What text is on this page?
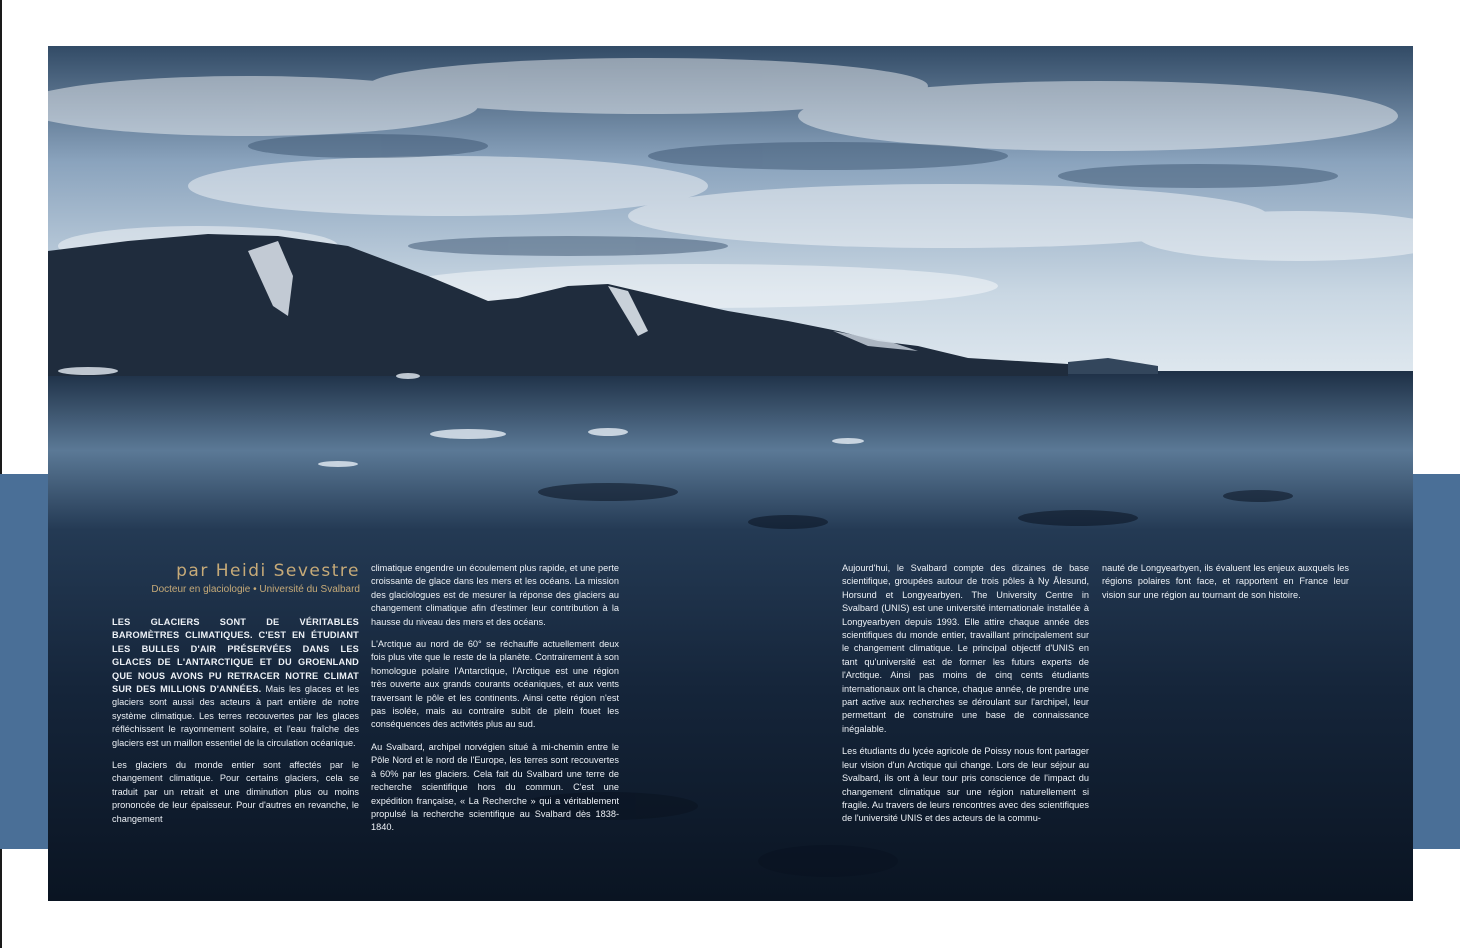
par Heidi Sevestre
Docteur en glaciologie • Université du Svalbard

LES GLACIERS SONT DE VÉRITABLES BAROMÈTRES CLIMATIQUES. C'EST EN ÉTUDIANT LES BULLES D'AIR PRÉSERVÉES DANS LES GLACES DE L'ANTARCTIQUE ET DU GROENLAND QUE NOUS AVONS PU RETRACER NOTRE CLIMAT SUR DES MILLIONS D'ANNÉES. Mais les glaces et les glaciers sont aussi des acteurs à part entière de notre système climatique. Les terres recouvertes par les glaces réfléchissent le rayonnement solaire, et l'eau fraîche des glaciers est un maillon essentiel de la circulation océanique.

Les glaciers du monde entier sont affectés par le changement climatique. Pour certains glaciers, cela se traduit par un retrait et une diminution plus ou moins prononcée de leur épaisseur. Pour d'autres en revanche, le changement

climatique engendre un écoulement plus rapide, et une perte croissante de glace dans les mers et les océans. La mission des glaciologues est de mesurer la réponse des glaciers au changement climatique afin d'estimer leur contribution à la hausse du niveau des mers et des océans.

L'Arctique au nord de 60° se réchauffe actuellement deux fois plus vite que le reste de la planète. Contrairement à son homologue polaire l'Antarctique, l'Arctique est une région très ouverte aux grands courants océaniques, et aux vents traversant le pôle et les continents. Ainsi cette région n'est pas isolée, mais au contraire subit de plein fouet les conséquences des activités plus au sud.

Au Svalbard, archipel norvégien situé à mi-chemin entre le Pôle Nord et le nord de l'Europe, les terres sont recouvertes à 60% par les glaciers. Cela fait du Svalbard une terre de recherche scientifique hors du commun. C'est une expédition française, « La Recherche » qui a véritablement propulsé la recherche scientifique au Svalbard dès 1838-1840.

Aujourd'hui, le Svalbard compte des dizaines de base scientifique, groupées autour de trois pôles à Ny Ålesund, Horsund et Longyearbyen. The University Centre in Svalbard (UNIS) est une université internationale installée à Longyearbyen depuis 1993. Elle attire chaque année des scientifiques du monde entier, travaillant principalement sur le changement climatique. Le principal objectif d'UNIS en tant qu'université est de former les futurs experts de l'Arctique. Ainsi pas moins de cinq cents étudiants internationaux ont la chance, chaque année, de prendre une part active aux recherches se déroulant sur l'archipel, leur permettant de construire une base de connaissance inégalable.

Les étudiants du lycée agricole de Poissy nous font partager leur vision d'un Arctique qui change. Lors de leur séjour au Svalbard, ils ont à leur tour pris conscience de l'impact du changement climatique sur une région naturellement si fragile. Au travers de leurs rencontres avec des scientifiques de l'université UNIS et des acteurs de la commu-

nauté de Longyearbyen, ils évaluent les enjeux auxquels les régions polaires font face, et rapportent en France leur vision sur une région au tournant de son histoire.
